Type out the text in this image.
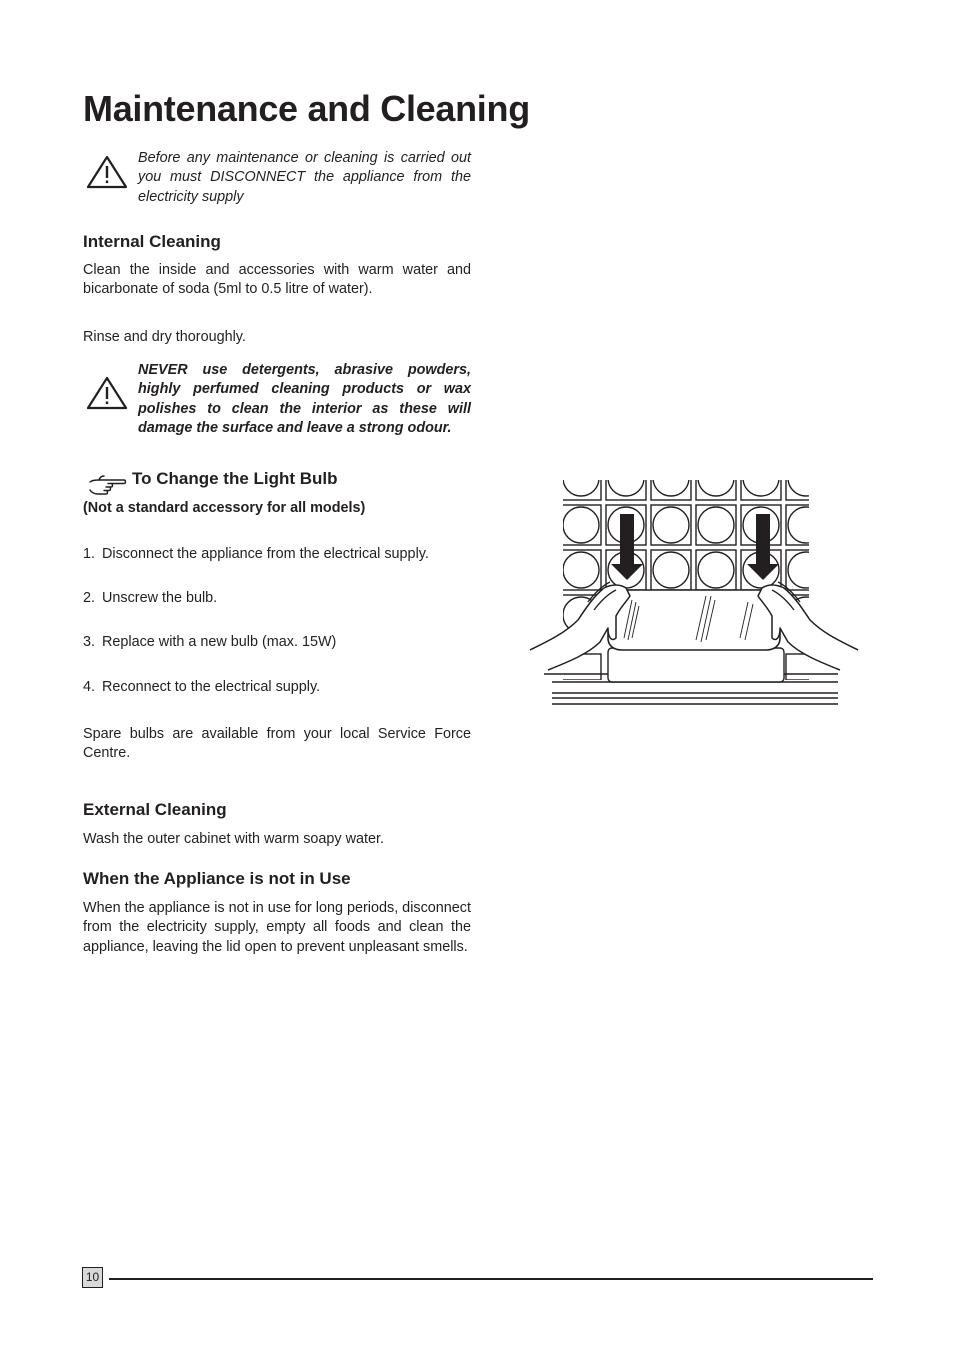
Maintenance and Cleaning

Before any maintenance or cleaning is carried out you must DISCONNECT the appliance from the electricity supply

Internal Cleaning

Clean the inside and accessories with warm water and bicarbonate of soda (5ml to 0.5 litre of water).

Rinse and dry thoroughly.

NEVER use detergents, abrasive powders, highly perfumed cleaning products or wax polishes to clean the interior as these will damage the surface and leave a strong odour.

To Change the Light Bulb

(Not a standard accessory for all models)

1. Disconnect the appliance from the electrical supply.

2. Unscrew the bulb.

3. Replace with a new bulb (max. 15W)

4. Reconnect to the electrical supply.

Spare bulbs are available from your local Service Force Centre.

External Cleaning

Wash the outer cabinet with warm soapy water.

When the Appliance is not in Use

When the appliance is not in use for long periods, disconnect from the electricity supply, empty all foods and clean the appliance, leaving the lid open to prevent unpleasant smells.

10
